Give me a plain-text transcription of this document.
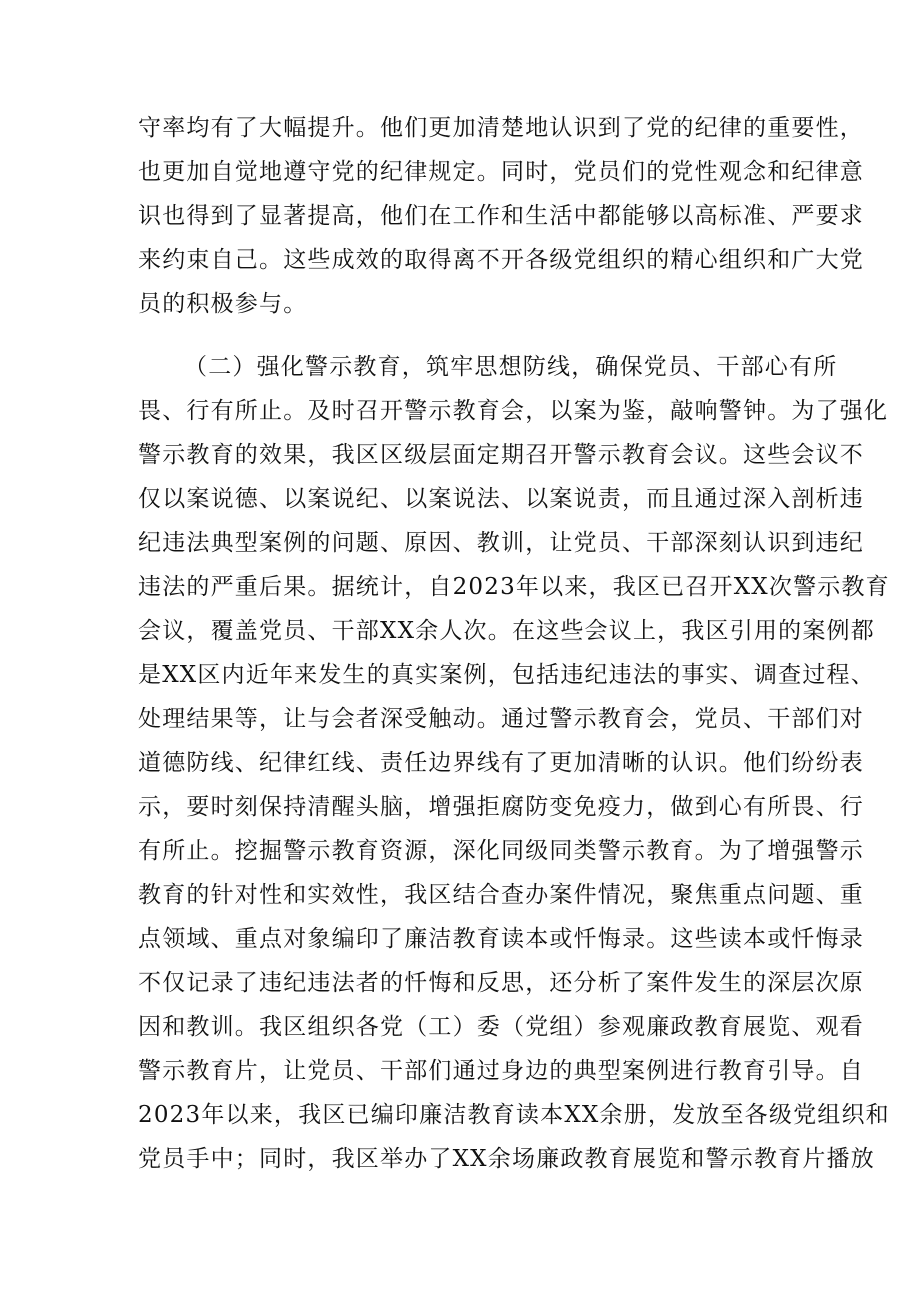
守率均有了大幅提升。他们更加清楚地认识到了党的纪律的重要性，
也更加自觉地遵守党的纪律规定。同时，党员们的党性观念和纪律意
识也得到了显著提高，他们在工作和生活中都能够以高标准、严要求
来约束自己。这些成效的取得离不开各级党组织的精心组织和广大党
员的积极参与。
（二）强化警示教育，筑牢思想防线，确保党员、干部心有所
畏、行有所止。及时召开警示教育会，以案为鉴，敲响警钟。为了强化
警示教育的效果，我区区级层面定期召开警示教育会议。这些会议不
仅以案说德、以案说纪、以案说法、以案说责，而且通过深入剖析违
纪违法典型案例的问题、原因、教训，让党员、干部深刻认识到违纪
违法的严重后果。据统计，自2023年以来，我区已召开XX次警示教育
会议，覆盖党员、干部XX余人次。在这些会议上，我区引用的案例都
是XX区内近年来发生的真实案例，包括违纪违法的事实、调查过程、
处理结果等，让与会者深受触动。通过警示教育会，党员、干部们对
道德防线、纪律红线、责任边界线有了更加清晰的认识。他们纷纷表
示，要时刻保持清醒头脑，增强拒腐防变免疫力，做到心有所畏、行
有所止。挖掘警示教育资源，深化同级同类警示教育。为了增强警示
教育的针对性和实效性，我区结合查办案件情况，聚焦重点问题、重
点领域、重点对象编印了廉洁教育读本或忏悔录。这些读本或忏悔录
不仅记录了违纪违法者的忏悔和反思，还分析了案件发生的深层次原
因和教训。我区组织各党（工）委（党组）参观廉政教育展览、观看
警示教育片，让党员、干部们通过身边的典型案例进行教育引导。自
2023年以来，我区已编印廉洁教育读本XX余册，发放至各级党组织和
党员手中；同时，我区举办了XX余场廉政教育展览和警示教育片播放
